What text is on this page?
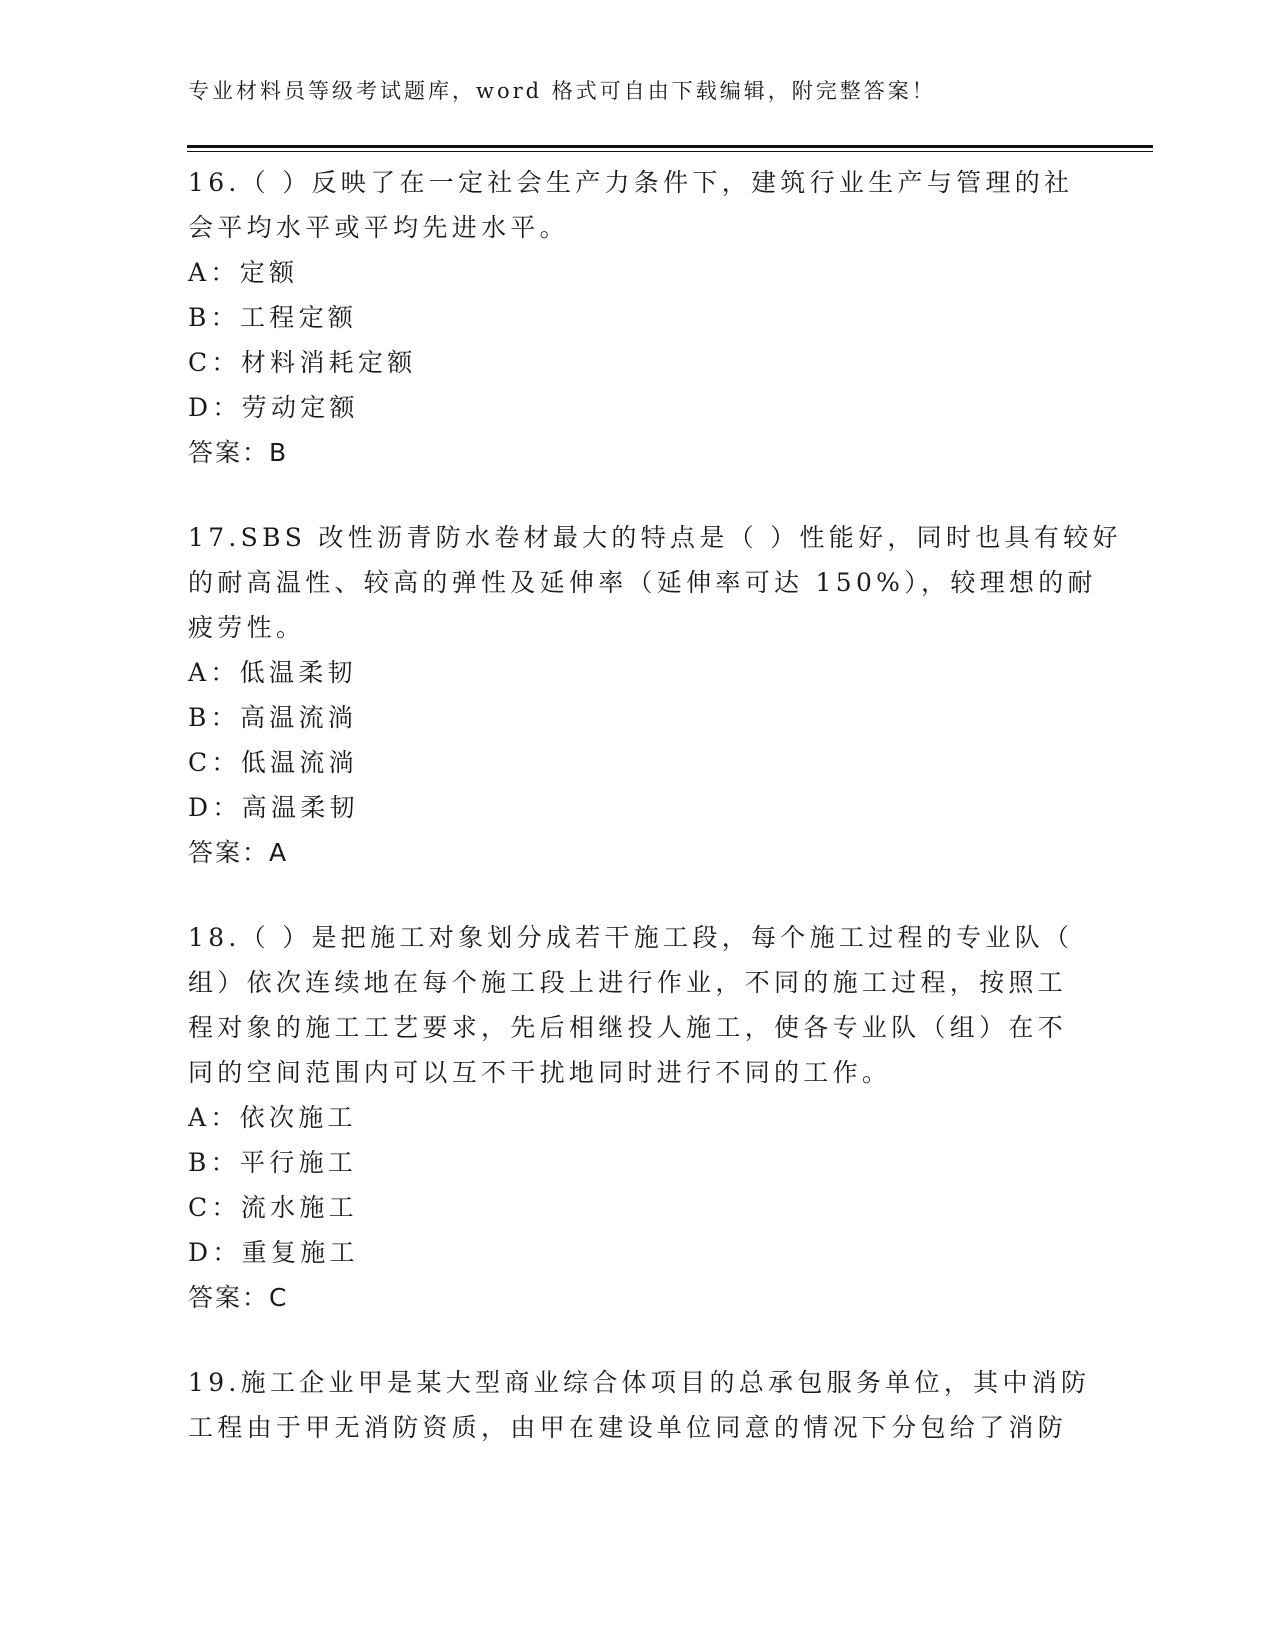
专业材料员等级考试题库，word 格式可自由下载编辑，附完整答案！
16.（ ）反映了在一定社会生产力条件下，建筑行业生产与管理的社
会平均水平或平均先进水平。
A：定额
B：工程定额
C：材料消耗定额
D：劳动定额
答案：B
17.SBS 改性沥青防水卷材最大的特点是（ ）性能好，同时也具有较好
的耐高温性、较高的弹性及延伸率（延伸率可达 150%），较理想的耐
疲劳性。
A：低温柔韧
B：高温流淌
C：低温流淌
D：高温柔韧
答案：A
18.（ ）是把施工对象划分成若干施工段，每个施工过程的专业队（
组）依次连续地在每个施工段上进行作业，不同的施工过程，按照工
程对象的施工工艺要求，先后相继投人施工，使各专业队（组）在不
同的空间范围内可以互不干扰地同时进行不同的工作。
A：依次施工
B：平行施工
C：流水施工
D：重复施工
答案：C
19.施工企业甲是某大型商业综合体项目的总承包服务单位，其中消防
工程由于甲无消防资质，由甲在建设单位同意的情况下分包给了消防
